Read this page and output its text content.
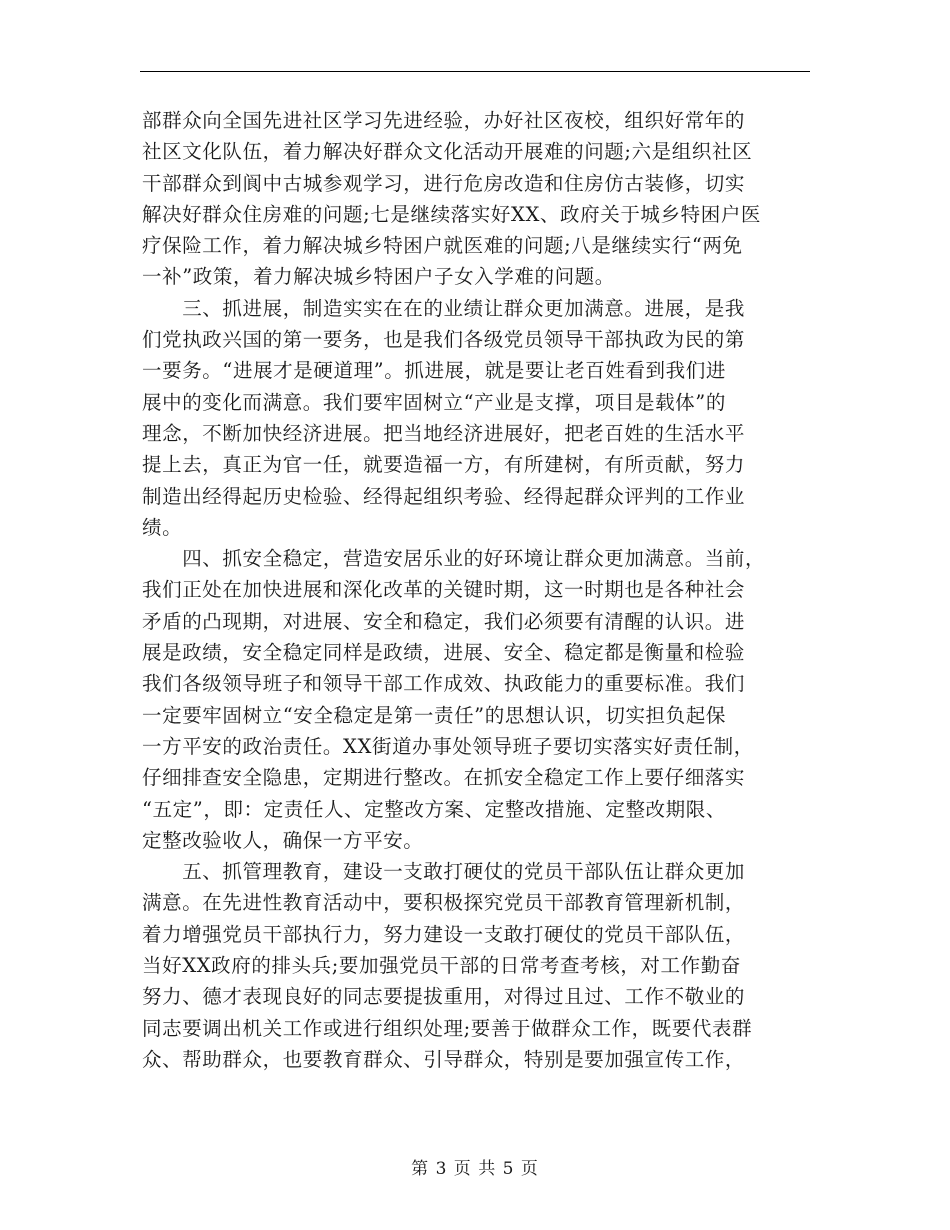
部群众向全国先进社区学习先进经验，办好社区夜校，组织好常年的
社区文化队伍，着力解决好群众文化活动开展难的问题;六是组织社区
干部群众到阆中古城参观学习，进行危房改造和住房仿古装修，切实
解决好群众住房难的问题;七是继续落实好XX、政府关于城乡特困户医
疗保险工作，着力解决城乡特困户就医难的问题;八是继续实行“两免
一补”政策，着力解决城乡特困户子女入学难的问题。

　　三、抓进展，制造实实在在的业绩让群众更加满意。进展，是我
们党执政兴国的第一要务，也是我们各级党员领导干部执政为民的第
一要务。“进展才是硬道理”。抓进展，就是要让老百姓看到我们进
展中的变化而满意。我们要牢固树立“产业是支撑，项目是载体”的
理念，不断加快经济进展。把当地经济进展好，把老百姓的生活水平
提上去，真正为官一任，就要造福一方，有所建树，有所贡献，努力
制造出经得起历史检验、经得起组织考验、经得起群众评判的工作业
绩。

　　四、抓安全稳定，营造安居乐业的好环境让群众更加满意。当前，
我们正处在加快进展和深化改革的关键时期，这一时期也是各种社会
矛盾的凸现期，对进展、安全和稳定，我们必须要有清醒的认识。进
展是政绩，安全稳定同样是政绩，进展、安全、稳定都是衡量和检验
我们各级领导班子和领导干部工作成效、执政能力的重要标准。我们
一定要牢固树立“安全稳定是第一责任”的思想认识，切实担负起保
一方平安的政治责任。XX街道办事处领导班子要切实落实好责任制，
仔细排查安全隐患，定期进行整改。在抓安全稳定工作上要仔细落实
“五定”，即：定责任人、定整改方案、定整改措施、定整改期限、
定整改验收人，确保一方平安。

　　五、抓管理教育，建设一支敢打硬仗的党员干部队伍让群众更加
满意。在先进性教育活动中，要积极探究党员干部教育管理新机制，
着力增强党员干部执行力，努力建设一支敢打硬仗的党员干部队伍，
当好XX政府的排头兵;要加强党员干部的日常考查考核，对工作勤奋
努力、德才表现良好的同志要提拔重用，对得过且过、工作不敬业的
同志要调出机关工作或进行组织处理;要善于做群众工作，既要代表群
众、帮助群众，也要教育群众、引导群众，特别是要加强宣传工作，

第 3 页 共 5 页
